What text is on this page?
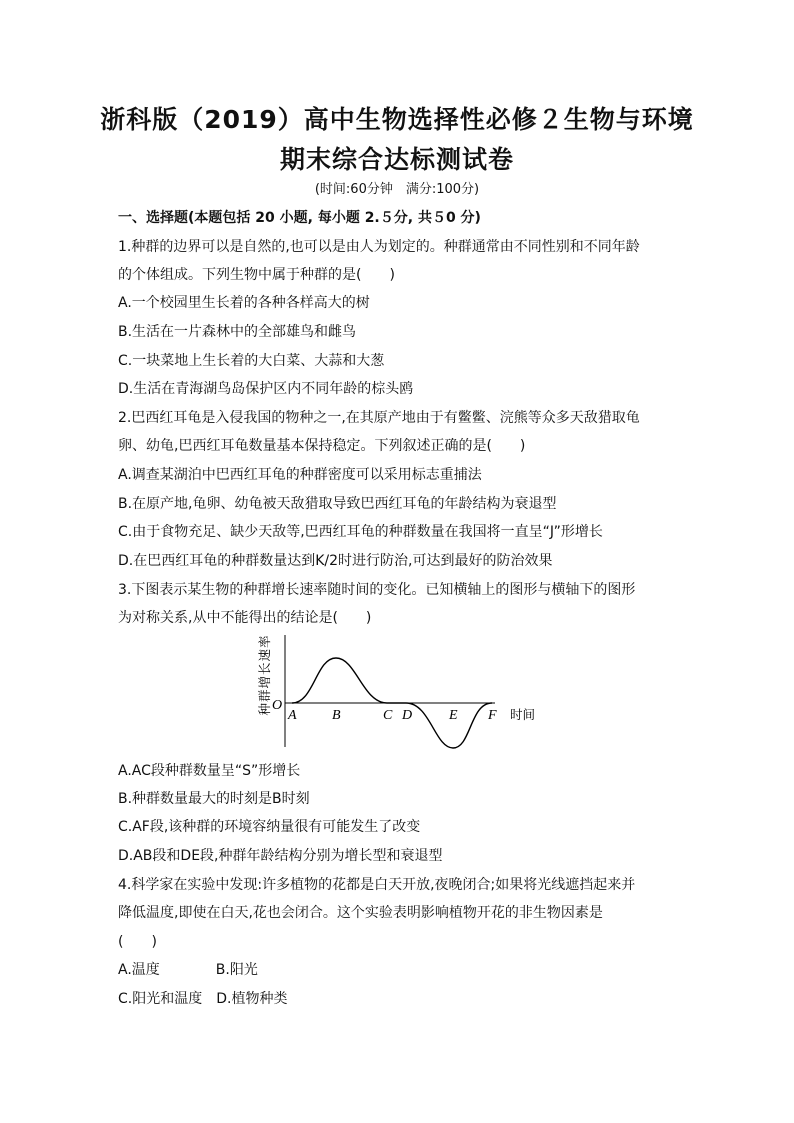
浙科版（2019）高中生物选择性必修２生物与环境
期末综合达标测试卷
(时间:60分钟　满分:100分)
一、选择题(本题包括 20 小题, 每小题 2.５分, 共５0 分)
1.种群的边界可以是自然的,也可以是由人为划定的。种群通常由不同性别和不同年龄
的个体组成。下列生物中属于种群的是(　　)
A.一个校园里生长着的各种各样高大的树
B.生活在一片森林中的全部雄鸟和雌鸟
C.一块菜地上生长着的大白菜、大蒜和大葱
D.生活在青海湖鸟岛保护区内不同年龄的棕头鸥
2.巴西红耳龟是入侵我国的物种之一,在其原产地由于有鳖鳖、浣熊等众多天敌猎取龟
卵、幼龟,巴西红耳龟数量基本保持稳定。下列叙述正确的是(　　)
A.调查某湖泊中巴西红耳龟的种群密度可以采用标志重捕法
B.在原产地,龟卵、幼龟被天敌猎取导致巴西红耳龟的年龄结构为衰退型
C.由于食物充足、缺少天敌等,巴西红耳龟的种群数量在我国将一直呈“J”形增长
D.在巴西红耳龟的种群数量达到K/2时进行防治,可达到最好的防治效果
3.下图表示某生物的种群增长速率随时间的变化。已知横轴上的图形与横轴下的图形
为对称关系,从中不能得出的结论是(　　)
种群增长速率 O
A	B	C D	E F 时间
A.AC段种群数量呈“S”形增长
B.种群数量最大的时刻是B时刻
C.AF段,该种群的环境容纳量很有可能发生了改变
D.AB段和DE段,种群年龄结构分别为增长型和衰退型
4.科学家在实验中发现:许多植物的花都是白天开放,夜晚闭合;如果将光线遮挡起来并
降低温度,即使在白天,花也会闭合。这个实验表明影响植物开花的非生物因素是
(　　)
A.温度　　　　B.阳光
C.阳光和温度　D.植物种类
